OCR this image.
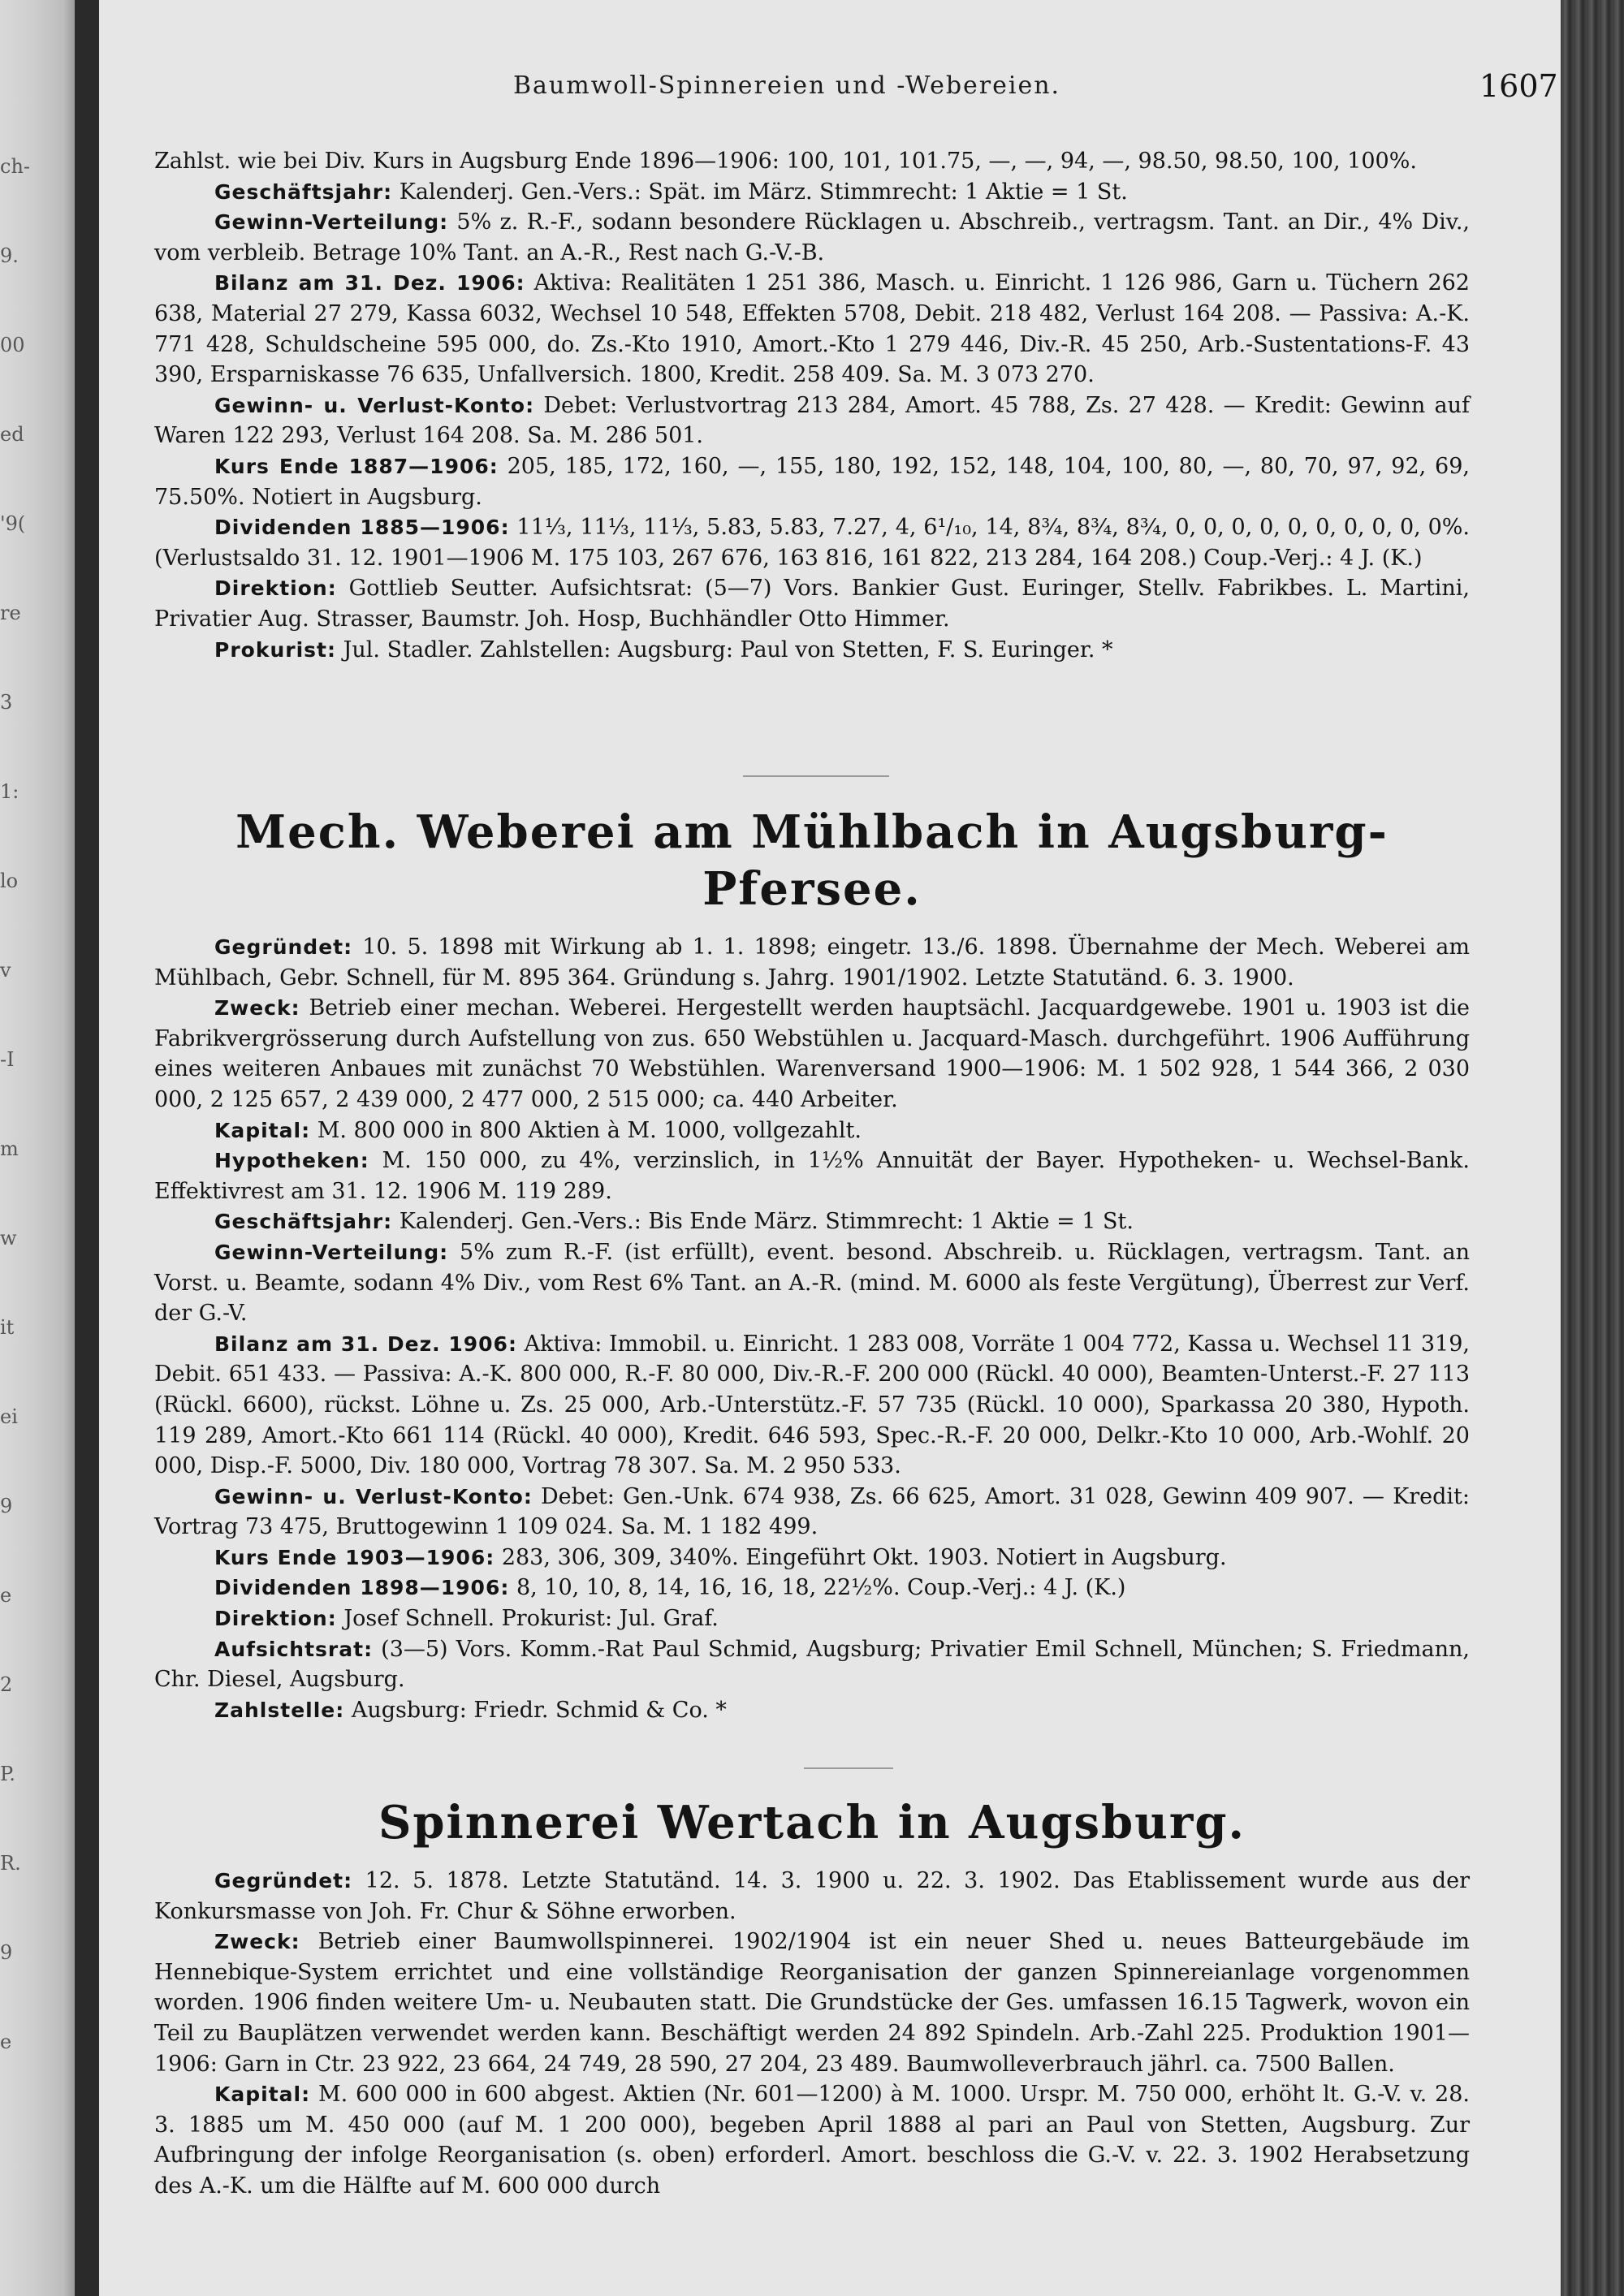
ch-
9.
00
ed
'9(
re
3
1:
lo
v
-I
m
w
it
ei
9
e
2
P.
R.
9
e
Baumwoll-Spinnereien und -Webereien.	1607

Zahlst. wie bei Div. Kurs in Augsburg Ende 1896—1906: 100, 101, 101.75, —, —, 94, —, 98.50, 98.50, 100, 100%.

Geschäftsjahr: Kalenderj. Gen.-Vers.: Spät. im März. Stimmrecht: 1 Aktie = 1 St.

Gewinn-Verteilung: 5% z. R.-F., sodann besondere Rücklagen u. Abschreib., vertragsm. Tant. an Dir., 4% Div., vom verbleib. Betrage 10% Tant. an A.-R., Rest nach G.-V.-B.

Bilanz am 31. Dez. 1906: Aktiva: Realitäten 1 251 386, Masch. u. Einricht. 1 126 986, Garn u. Tüchern 262 638, Material 27 279, Kassa 6032, Wechsel 10 548, Effekten 5708, Debit. 218 482, Verlust 164 208. — Passiva: A.-K. 771 428, Schuldscheine 595 000, do. Zs.-Kto 1910, Amort.-Kto 1 279 446, Div.-R. 45 250, Arb.-Sustentations-F. 43 390, Ersparniskasse 76 635, Unfallversich. 1800, Kredit. 258 409. Sa. M. 3 073 270.

Gewinn- u. Verlust-Konto: Debet: Verlustvortrag 213 284, Amort. 45 788, Zs. 27 428. — Kredit: Gewinn auf Waren 122 293, Verlust 164 208. Sa. M. 286 501.

Kurs Ende 1887—1906: 205, 185, 172, 160, —, 155, 180, 192, 152, 148, 104, 100, 80, —, 80, 70, 97, 92, 69, 75.50%. Notiert in Augsburg.

Dividenden 1885—1906: 11⅓, 11⅓, 11⅓, 5.83, 5.83, 7.27, 4, 6¹/₁₀, 14, 8¾, 8¾, 8¾, 0, 0, 0, 0, 0, 0, 0, 0, 0, 0%. (Verlustsaldo 31. 12. 1901—1906 M. 175 103, 267 676, 163 816, 161 822, 213 284, 164 208.) Coup.-Verj.: 4 J. (K.)

Direktion: Gottlieb Seutter. Aufsichtsrat: (5—7) Vors. Bankier Gust. Euringer, Stellv. Fabrikbes. L. Martini, Privatier Aug. Strasser, Baumstr. Joh. Hosp, Buchhändler Otto Himmer.

Prokurist: Jul. Stadler. Zahlstellen: Augsburg: Paul von Stetten, F. S. Euringer. *

Mech. Weberei am Mühlbach in Augsburg-Pfersee.

Gegründet: 10. 5. 1898 mit Wirkung ab 1. 1. 1898; eingetr. 13./6. 1898. Übernahme der Mech. Weberei am Mühlbach, Gebr. Schnell, für M. 895 364. Gründung s. Jahrg. 1901/1902. Letzte Statutänd. 6. 3. 1900.

Zweck: Betrieb einer mechan. Weberei. Hergestellt werden hauptsächl. Jacquardgewebe. 1901 u. 1903 ist die Fabrikvergrösserung durch Aufstellung von zus. 650 Webstühlen u. Jacquard-Masch. durchgeführt. 1906 Aufführung eines weiteren Anbaues mit zunächst 70 Webstühlen. Warenversand 1900—1906: M. 1 502 928, 1 544 366, 2 030 000, 2 125 657, 2 439 000, 2 477 000, 2 515 000; ca. 440 Arbeiter.

Kapital: M. 800 000 in 800 Aktien à M. 1000, vollgezahlt.

Hypotheken: M. 150 000, zu 4%, verzinslich, in 1½% Annuität der Bayer. Hypotheken- u. Wechsel-Bank. Effektivrest am 31. 12. 1906 M. 119 289.

Geschäftsjahr: Kalenderj. Gen.-Vers.: Bis Ende März. Stimmrecht: 1 Aktie = 1 St.

Gewinn-Verteilung: 5% zum R.-F. (ist erfüllt), event. besond. Abschreib. u. Rücklagen, vertragsm. Tant. an Vorst. u. Beamte, sodann 4% Div., vom Rest 6% Tant. an A.-R. (mind. M. 6000 als feste Vergütung), Überrest zur Verf. der G.-V.

Bilanz am 31. Dez. 1906: Aktiva: Immobil. u. Einricht. 1 283 008, Vorräte 1 004 772, Kassa u. Wechsel 11 319, Debit. 651 433. — Passiva: A.-K. 800 000, R.-F. 80 000, Div.-R.-F. 200 000 (Rückl. 40 000), Beamten-Unterst.-F. 27 113 (Rückl. 6600), rückst. Löhne u. Zs. 25 000, Arb.-Unterstütz.-F. 57 735 (Rückl. 10 000), Sparkassa 20 380, Hypoth. 119 289, Amort.-Kto 661 114 (Rückl. 40 000), Kredit. 646 593, Spec.-R.-F. 20 000, Delkr.-Kto 10 000, Arb.-Wohlf. 20 000, Disp.-F. 5000, Div. 180 000, Vortrag 78 307. Sa. M. 2 950 533.

Gewinn- u. Verlust-Konto: Debet: Gen.-Unk. 674 938, Zs. 66 625, Amort. 31 028, Gewinn 409 907. — Kredit: Vortrag 73 475, Bruttogewinn 1 109 024. Sa. M. 1 182 499.

Kurs Ende 1903—1906: 283, 306, 309, 340%. Eingeführt Okt. 1903. Notiert in Augsburg.

Dividenden 1898—1906: 8, 10, 10, 8, 14, 16, 16, 18, 22½%. Coup.-Verj.: 4 J. (K.)

Direktion: Josef Schnell. Prokurist: Jul. Graf.

Aufsichtsrat: (3—5) Vors. Komm.-Rat Paul Schmid, Augsburg; Privatier Emil Schnell, München; S. Friedmann, Chr. Diesel, Augsburg.

Zahlstelle: Augsburg: Friedr. Schmid & Co. *

Spinnerei Wertach in Augsburg.

Gegründet: 12. 5. 1878. Letzte Statutänd. 14. 3. 1900 u. 22. 3. 1902. Das Etablissement wurde aus der Konkursmasse von Joh. Fr. Chur & Söhne erworben.

Zweck: Betrieb einer Baumwollspinnerei. 1902/1904 ist ein neuer Shed u. neues Batteurgebäude im Hennebique-System errichtet und eine vollständige Reorganisation der ganzen Spinnereianlage vorgenommen worden. 1906 finden weitere Um- u. Neubauten statt. Die Grundstücke der Ges. umfassen 16.15 Tagwerk, wovon ein Teil zu Bauplätzen verwendet werden kann. Beschäftigt werden 24 892 Spindeln. Arb.-Zahl 225. Produktion 1901—1906: Garn in Ctr. 23 922, 23 664, 24 749, 28 590, 27 204, 23 489. Baumwolleverbrauch jährl. ca. 7500 Ballen.

Kapital: M. 600 000 in 600 abgest. Aktien (Nr. 601—1200) à M. 1000. Urspr. M. 750 000, erhöht lt. G.-V. v. 28. 3. 1885 um M. 450 000 (auf M. 1 200 000), begeben April 1888 al pari an Paul von Stetten, Augsburg. Zur Aufbringung der infolge Reorganisation (s. oben) erforderl. Amort. beschloss die G.-V. v. 22. 3. 1902 Herabsetzung des A.-K. um die Hälfte auf M. 600 000 durch
